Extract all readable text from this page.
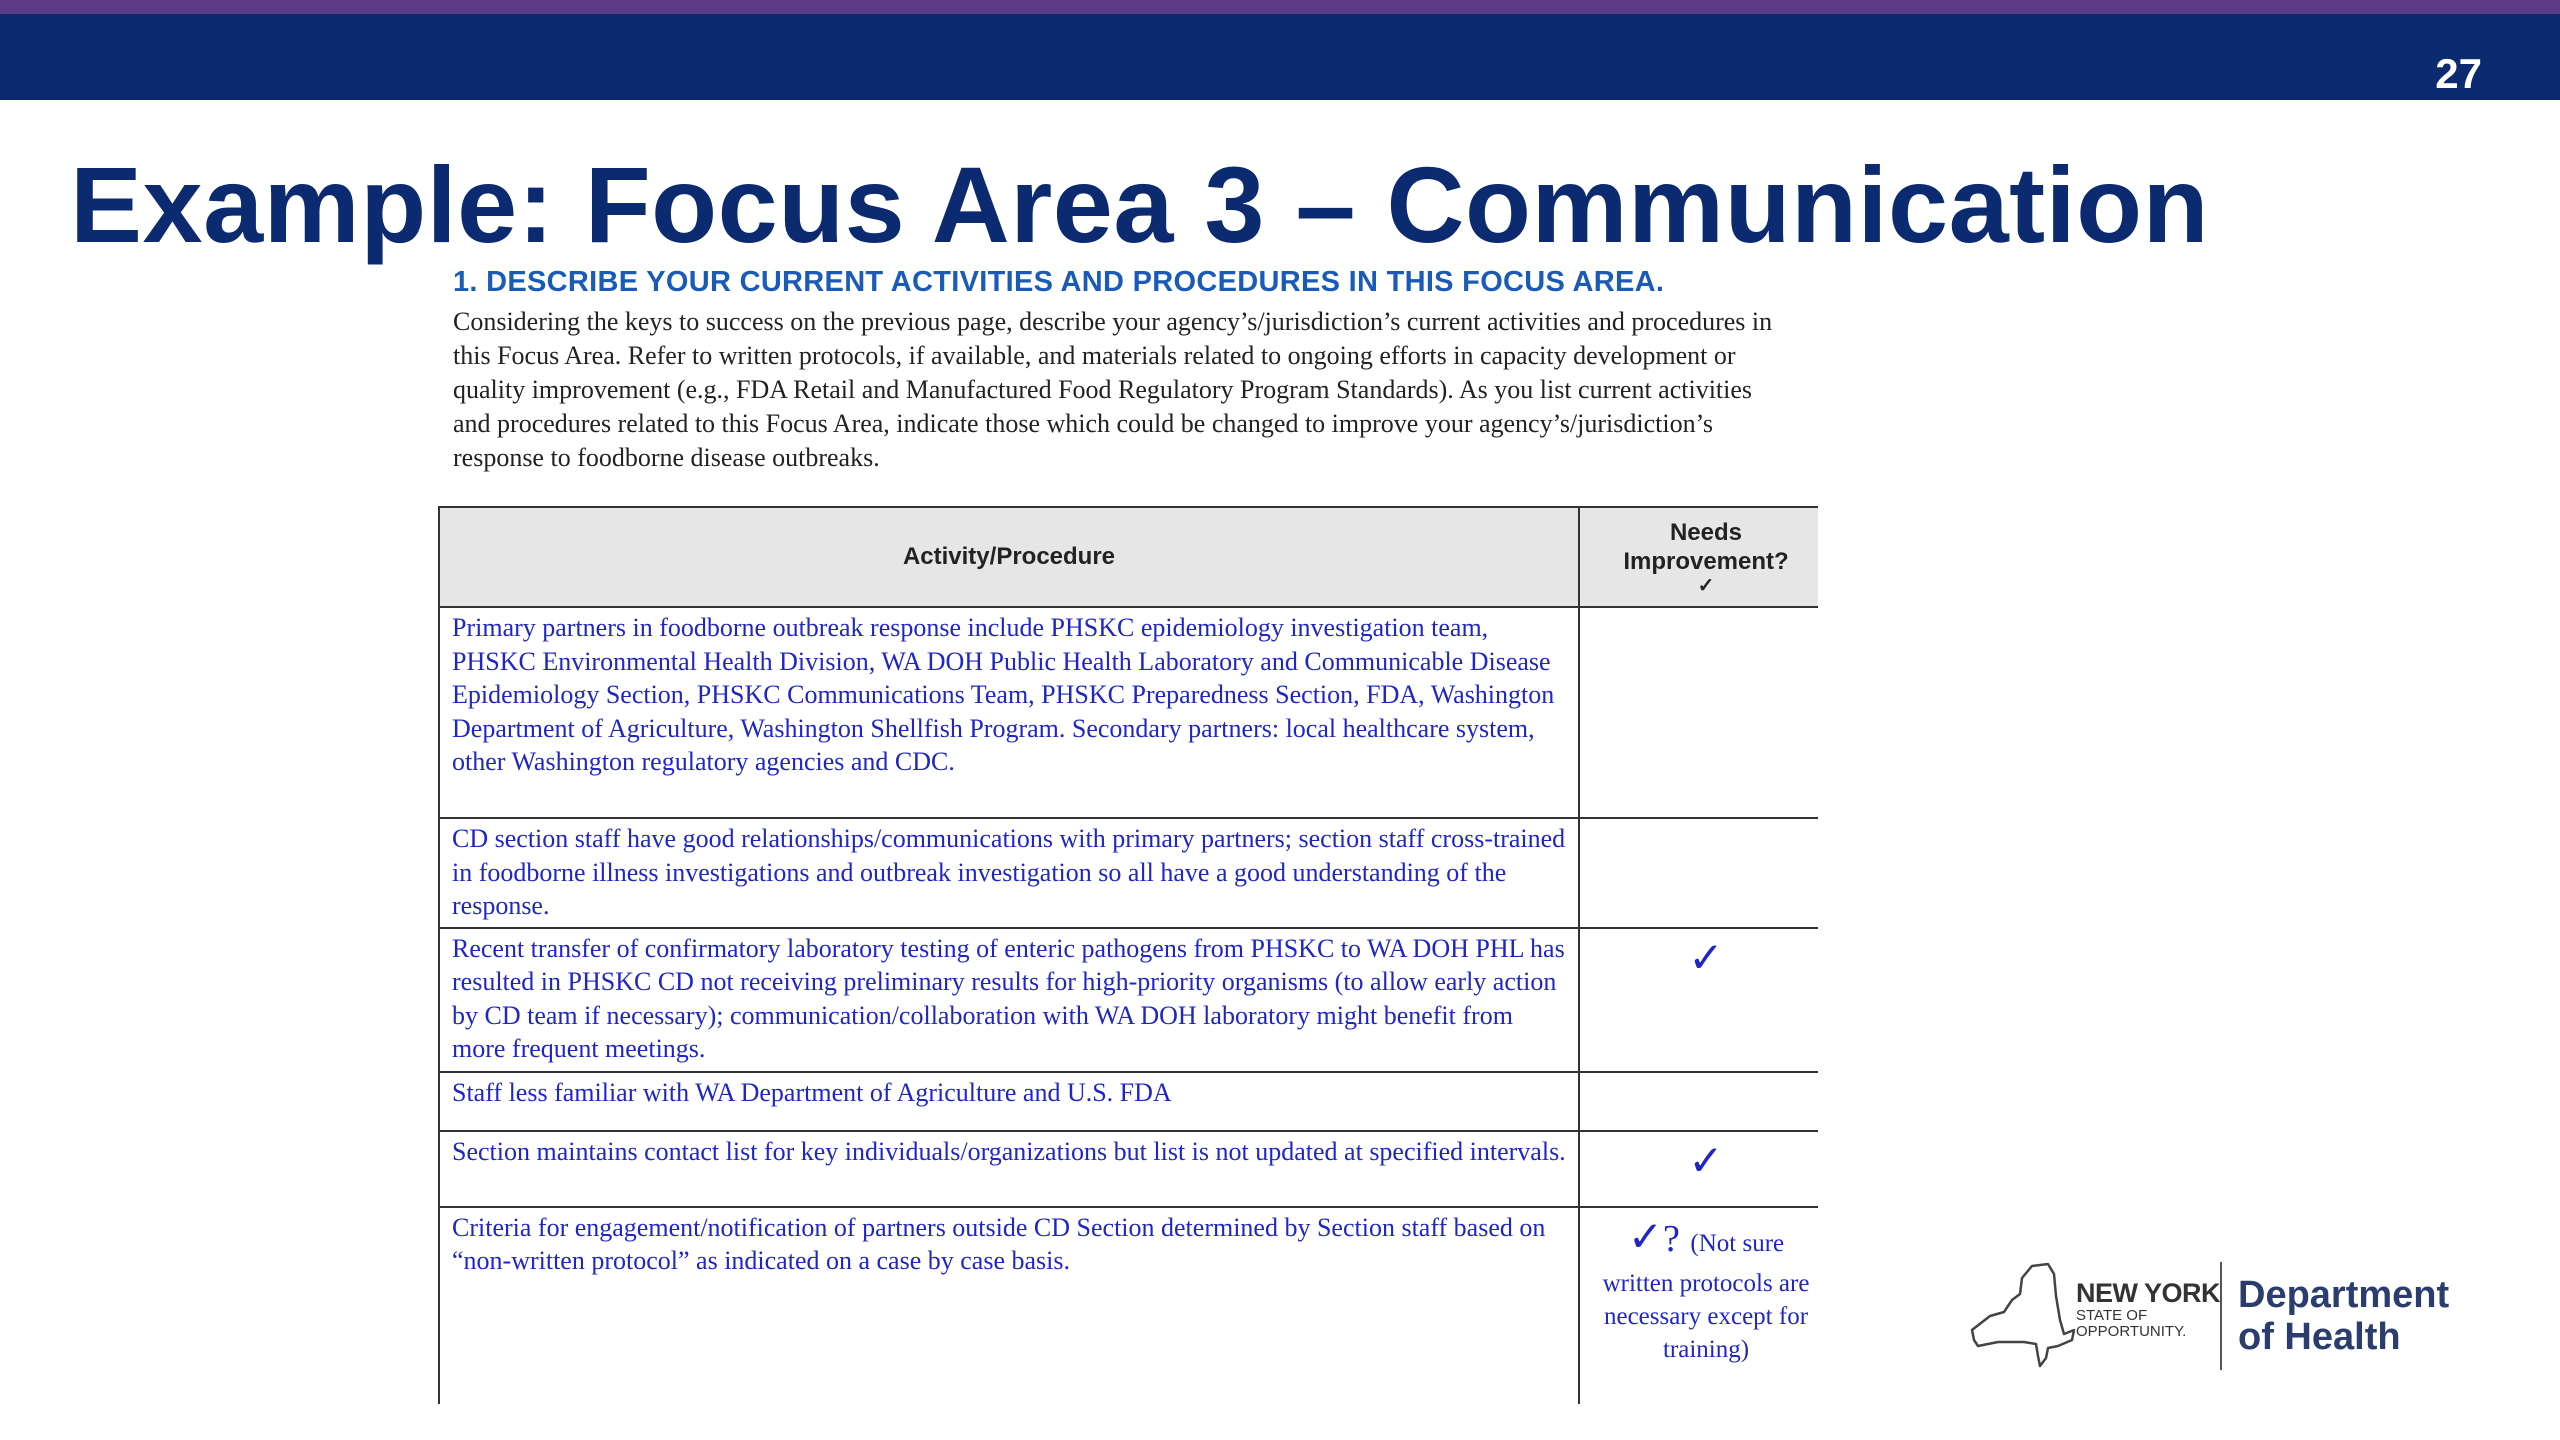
27
Example: Focus Area 3 – Communication

1. DESCRIBE YOUR CURRENT ACTIVITIES AND PROCEDURES IN THIS FOCUS AREA.

Considering the keys to success on the previous page, describe your agency’s/jurisdiction’s current activities and procedures in this Focus Area. Refer to written protocols, if available, and materials related to ongoing efforts in capacity development or quality improvement (e.g., FDA Retail and Manufactured Food Regulatory Program Standards). As you list current activities and procedures related to this Focus Area, indicate those which could be changed to improve your agency’s/jurisdiction’s response to foodborne disease outbreaks.

Activity/Procedure	Needs
Improvement?
✓

Primary partners in foodborne outbreak response include PHSKC epidemiology investigation team, PHSKC Environmental Health Division, WA DOH Public Health Laboratory and Communicable Disease Epidemiology Section, PHSKC Communications Team, PHSKC Preparedness Section, FDA, Washington Department of Agriculture, Washington Shellfish Program. Secondary partners: local healthcare system, other Washington regulatory agencies and CDC.	
CD section staff have good relationships/communications with primary partners; section staff cross-trained in foodborne illness investigations and outbreak investigation so all have a good understanding of the response.	
Recent transfer of confirmatory laboratory testing of enteric pathogens from PHSKC to WA DOH PHL has resulted in PHSKC CD not receiving preliminary results for high-priority organisms (to allow early action by CD team if necessary); communication/collaboration with WA DOH laboratory might benefit from more frequent meetings.	✓
Staff less familiar with WA Department of Agriculture and U.S. FDA	
Section maintains contact list for key individuals/organizations but list is not updated at specified intervals.	✓
Criteria for engagement/notification of partners outside CD Section determined by Section staff based on “non-written protocol” as indicated on a case by case basis.	✓? (Not sure
written protocols are necessary except for training)
NEW YORK
STATE OF
OPPORTUNITY.
Department
of Health
